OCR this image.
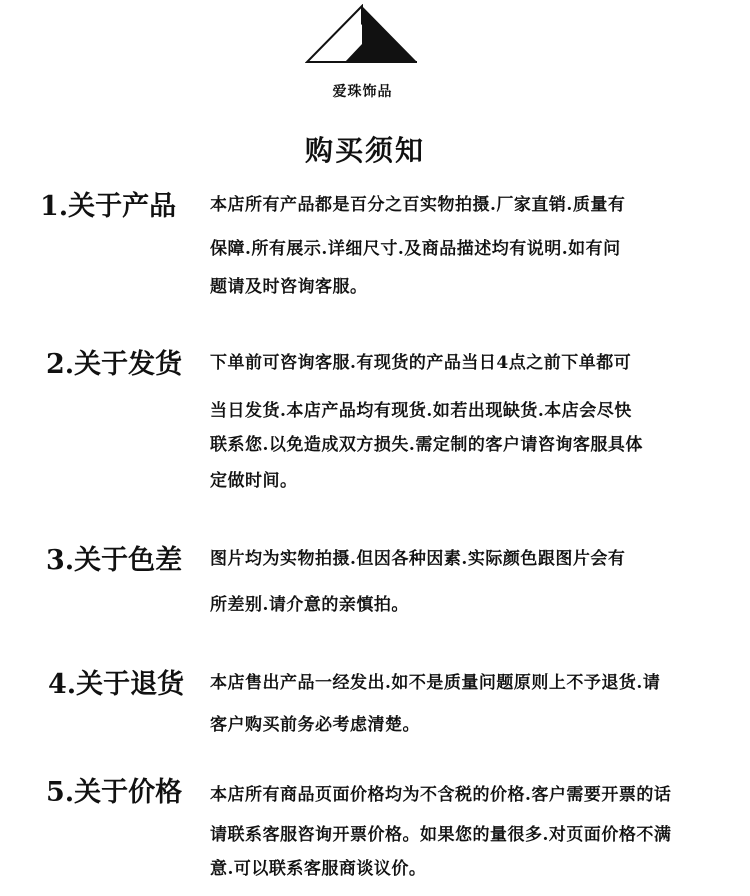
爱珠饰品
购买须知
1.关于产品 本店所有产品都是百分之百实物拍摄.厂家直销.质量有
保障.所有展示.详细尺寸.及商品描述均有说明.如有问
题请及时咨询客服。
2.关于发货 下单前可咨询客服.有现货的产品当日4点之前下单都可
当日发货.本店产品均有现货.如若出现缺货.本店会尽快
联系您.以免造成双方损失.需定制的客户请咨询客服具体
定做时间。
3.关于色差 图片均为实物拍摄.但因各种因素.实际颜色跟图片会有
所差别.请介意的亲慎拍。
4.关于退货 本店售出产品一经发出.如不是质量问题原则上不予退货.请
客户购买前务必考虑清楚。
5.关于价格 本店所有商品页面价格均为不含税的价格.客户需要开票的话
请联系客服咨询开票价格。如果您的量很多.对页面价格不满
意.可以联系客服商谈议价。
